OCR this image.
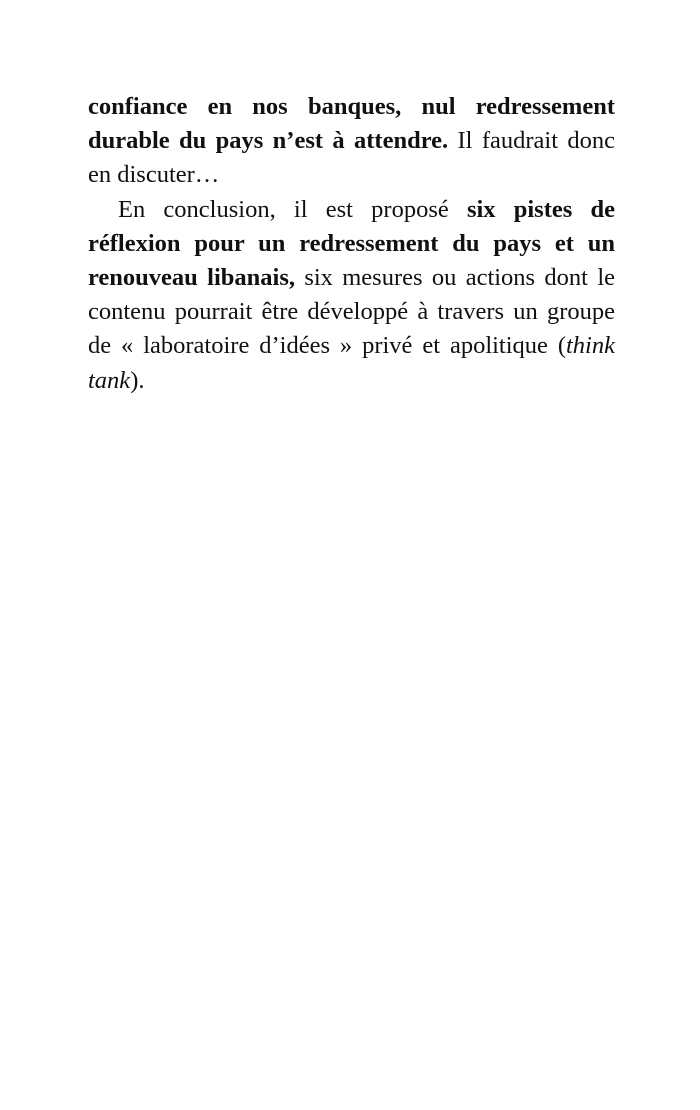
confiance en nos banques, nul redressement durable du pays n’est à attendre. Il faudrait donc en discuter…

En conclusion, il est proposé six pistes de réflexion pour un redressement du pays et un renouveau libanais, six mesures ou actions dont le contenu pourrait être développé à travers un groupe de « laboratoire d’idées » privé et apolitique (think tank).
